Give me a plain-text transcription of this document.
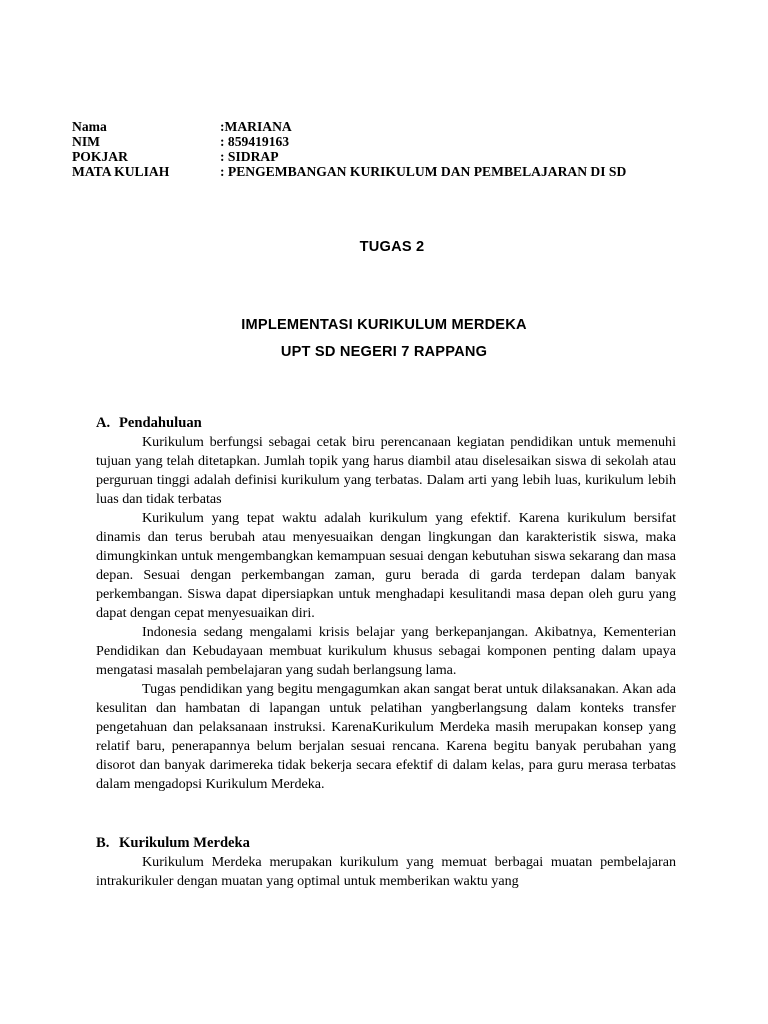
Nama	:MARIANA
NIM	: 859419163
POKJAR	: SIDRAP
MATA KULIAH	: PENGEMBANGAN KURIKULUM DAN PEMBELAJARAN DI SD
TUGAS 2
IMPLEMENTASI KURIKULUM MERDEKA
UPT SD NEGERI 7 RAPPANG
A. Pendahuluan

Kurikulum berfungsi sebagai cetak biru perencanaan kegiatan pendidikan untuk memenuhi tujuan yang telah ditetapkan. Jumlah topik yang harus diambil atau diselesaikan siswa di sekolah atau perguruan tinggi adalah definisi kurikulum yang terbatas. Dalam arti yang lebih luas, kurikulum lebih luas dan tidak terbatas

Kurikulum yang tepat waktu adalah kurikulum yang efektif. Karena kurikulum bersifat dinamis dan terus berubah atau menyesuaikan dengan lingkungan dan karakteristik siswa, maka dimungkinkan untuk mengembangkan kemampuan sesuai dengan kebutuhan siswa sekarang dan masa depan. Sesuai dengan perkembangan zaman, guru berada di garda terdepan dalam banyak perkembangan. Siswa dapat dipersiapkan untuk menghadapi kesulitandi masa depan oleh guru yang dapat dengan cepat menyesuaikan diri.

Indonesia sedang mengalami krisis belajar yang berkepanjangan. Akibatnya, Kementerian Pendidikan dan Kebudayaan membuat kurikulum khusus sebagai komponen penting dalam upaya mengatasi masalah pembelajaran yang sudah berlangsung lama.

Tugas pendidikan yang begitu mengagumkan akan sangat berat untuk dilaksanakan. Akan ada kesulitan dan hambatan di lapangan untuk pelatihan yangberlangsung dalam konteks transfer pengetahuan dan pelaksanaan instruksi. KarenaKurikulum Merdeka masih merupakan konsep yang relatif baru, penerapannya belum berjalan sesuai rencana. Karena begitu banyak perubahan yang disorot dan banyak darimereka tidak bekerja secara efektif di dalam kelas, para guru merasa terbatas dalam mengadopsi Kurikulum Merdeka.

B. Kurikulum Merdeka

Kurikulum Merdeka merupakan kurikulum yang memuat berbagai muatan pembelajaran intrakurikuler dengan muatan yang optimal untuk memberikan waktu yang
